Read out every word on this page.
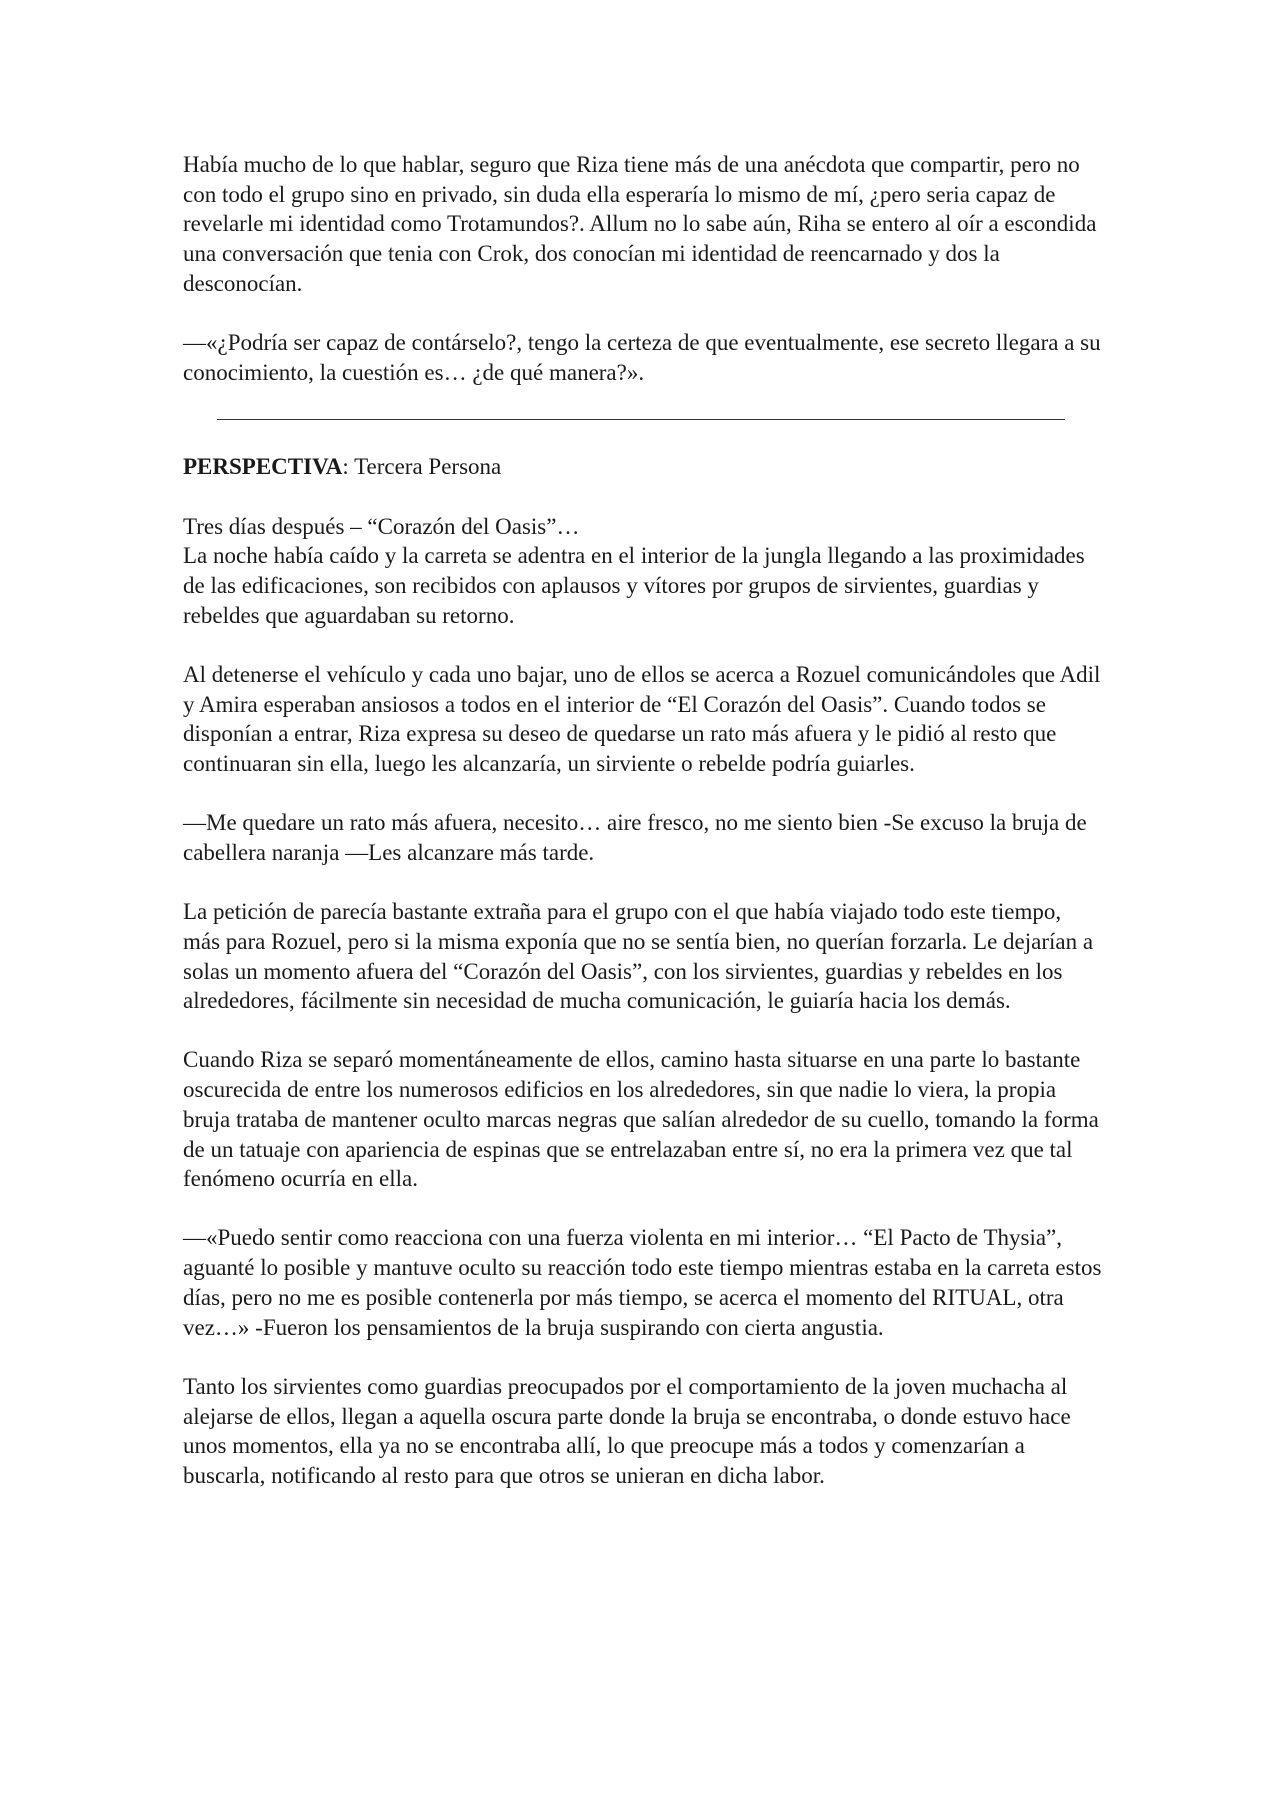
Había mucho de lo que hablar, seguro que Riza tiene más de una anécdota que compartir, pero no con todo el grupo sino en privado, sin duda ella esperaría lo mismo de mí, ¿pero seria capaz de revelarle mi identidad como Trotamundos?. Allum no lo sabe aún, Riha se entero al oír a escondida una conversación que tenia con Crok, dos conocían mi identidad de reencarnado y dos la desconocían.

—«¿Podría ser capaz de contárselo?, tengo la certeza de que eventualmente, ese secreto llegara a su conocimiento, la cuestión es… ¿de qué manera?».

PERSPECTIVA: Tercera Persona

Tres días después – “Corazón del Oasis”…

La noche había caído y la carreta se adentra en el interior de la jungla llegando a las proximidades de las edificaciones, son recibidos con aplausos y vítores por grupos de sirvientes, guardias y rebeldes que aguardaban su retorno.

Al detenerse el vehículo y cada uno bajar, uno de ellos se acerca a Rozuel comunicándoles que Adil y Amira esperaban ansiosos a todos en el interior de “El Corazón del Oasis”. Cuando todos se disponían a entrar, Riza expresa su deseo de quedarse un rato más afuera y le pidió al resto que continuaran sin ella, luego les alcanzaría, un sirviente o rebelde podría guiarles.

—Me quedare un rato más afuera, necesito… aire fresco, no me siento bien -Se excuso la bruja de cabellera naranja —Les alcanzare más tarde.

La petición de parecía bastante extraña para el grupo con el que había viajado todo este tiempo, más para Rozuel, pero si la misma exponía que no se sentía bien, no querían forzarla. Le dejarían a solas un momento afuera del “Corazón del Oasis”, con los sirvientes, guardias y rebeldes en los alrededores, fácilmente sin necesidad de mucha comunicación, le guiaría hacia los demás.

Cuando Riza se separó momentáneamente de ellos, camino hasta situarse en una parte lo bastante oscurecida de entre los numerosos edificios en los alrededores, sin que nadie lo viera, la propia bruja trataba de mantener oculto marcas negras que salían alrededor de su cuello, tomando la forma de un tatuaje con apariencia de espinas que se entrelazaban entre sí, no era la primera vez que tal fenómeno ocurría en ella.

—«Puedo sentir como reacciona con una fuerza violenta en mi interior… “El Pacto de Thysia”, aguanté lo posible y mantuve oculto su reacción todo este tiempo mientras estaba en la carreta estos días, pero no me es posible contenerla por más tiempo, se acerca el momento del RITUAL, otra vez…» -Fueron los pensamientos de la bruja suspirando con cierta angustia.

Tanto los sirvientes como guardias preocupados por el comportamiento de la joven muchacha al alejarse de ellos, llegan a aquella oscura parte donde la bruja se encontraba, o donde estuvo hace unos momentos, ella ya no se encontraba allí, lo que preocupe más a todos y comenzarían a buscarla, notificando al resto para que otros se unieran en dicha labor.
